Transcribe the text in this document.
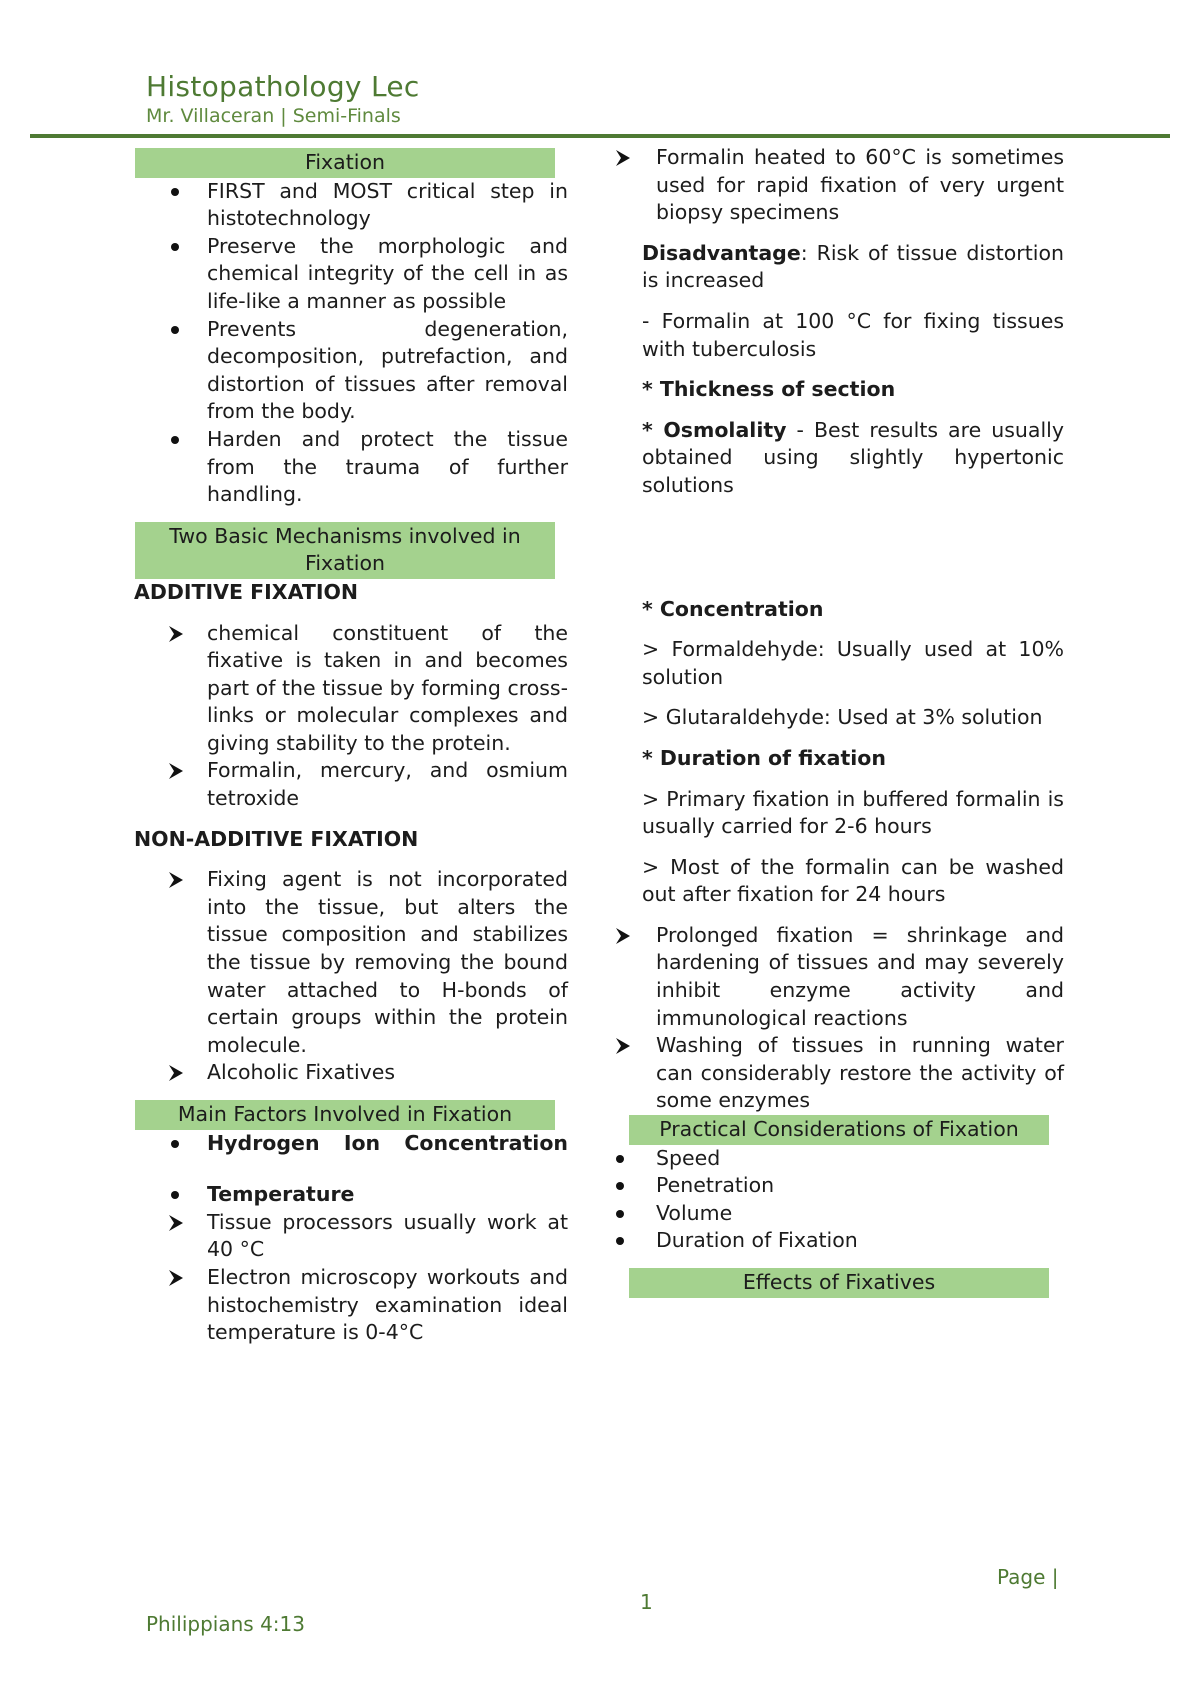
Histopathology Lec
Mr. Villaceran | Semi-Finals
Fixation
FIRST and MOST critical step in histotechnology
Preserve the morphologic and chemical integrity of the cell in as life-like a manner as possible
Prevents degeneration, decomposition, putrefaction, and distortion of tissues after removal from the body.
Harden and protect the tissue from the trauma of further handling.
Two Basic Mechanisms involved in Fixation

ADDITIVE FIXATION

chemical constituent of the fixative is taken in and becomes part of the tissue by forming cross-links or molecular complexes and giving stability to the protein.
Formalin, mercury, and osmium tetroxide

NON-ADDITIVE FIXATION

Fixing agent is not incorporated into the tissue, but alters the tissue composition and stabilizes the tissue by removing the bound water attached to H-bonds of certain groups within the protein molecule.
Alcoholic Fixatives
Main Factors Involved in Fixation
Hydrogen Ion Concentration
Temperature
Tissue processors usually work at 40 °C
Electron microscopy workouts and histochemistry examination ideal temperature is 0-4°C
Formalin heated to 60°C is sometimes used for rapid fixation of very urgent biopsy specimens

Disadvantage: Risk of tissue distortion is increased

- Formalin at 100 °C for fixing tissues with tuberculosis

* Thickness of section

* Osmolality - Best results are usually obtained using slightly hypertonic solutions

* Concentration

> Formaldehyde: Usually used at 10% solution

> Glutaraldehyde: Used at 3% solution

* Duration of fixation

> Primary fixation in buffered formalin is usually carried for 2-6 hours

> Most of the formalin can be washed out after fixation for 24 hours

Prolonged fixation = shrinkage and hardening of tissues and may severely inhibit enzyme activity and immunological reactions
Washing of tissues in running water can considerably restore the activity of some enzymes
Practical Considerations of Fixation
Speed
Penetration
Volume
Duration of Fixation
Effects of Fixatives
Page |
1
Philippians 4:13
